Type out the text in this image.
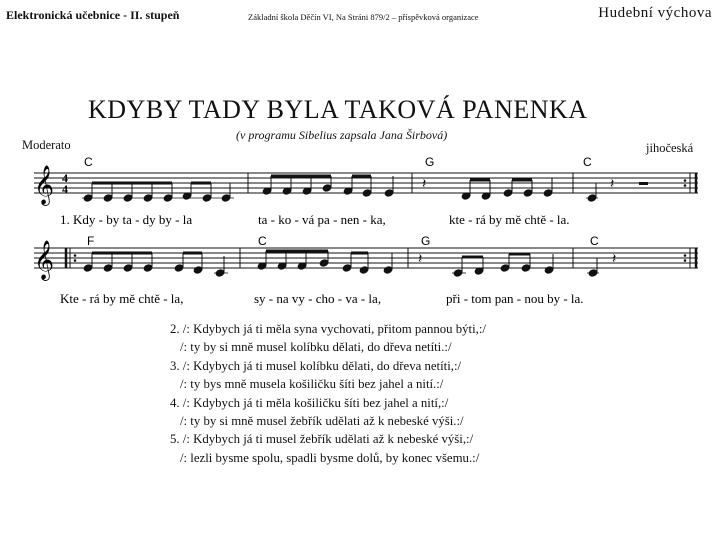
Elektronická učebnice - II. stupeň	Základní škola Děčín VI, Na Stráni 879/2 – příspěvková organizace	Hudební výchova
KDYBY TADY BYLA TAKOVÁ PANENKA
(v programu Sibelius zapsala Jana Širbová)
Moderato	jihočeská
𝄞 4
4	𝄽	𝄽
𝄞	𝄽	𝄽
C	G	C
1. Kdy - by ta - dy by - la	ta - ko - vá pa - nen - ka,	kte - rá by mě chtě - la.
F	C	G	C
Kte - rá by mě chtě - la,	sy - na vy - cho - va - la,	při - tom pan - nou by - la.
2. /: Kdybych já ti měla syna vychovati, přitom pannou býti,:/
/: ty by si mně musel kolíbku dělati, do dřeva netíti.:/
3. /: Kdybych já ti musel kolíbku dělati, do dřeva netíti,:/
/: ty bys mně musela košiličku šíti bez jahel a nití.:/
4. /: Kdybych já ti měla košiličku šíti bez jahel a nití,:/
/: ty by si mně musel žebřík udělati až k nebeské výši.:/
5. /: Kdybych já ti musel žebřík udělati až k nebeské výši,:/
/: lezli bysme spolu, spadli bysme dolů, by konec všemu.:/
